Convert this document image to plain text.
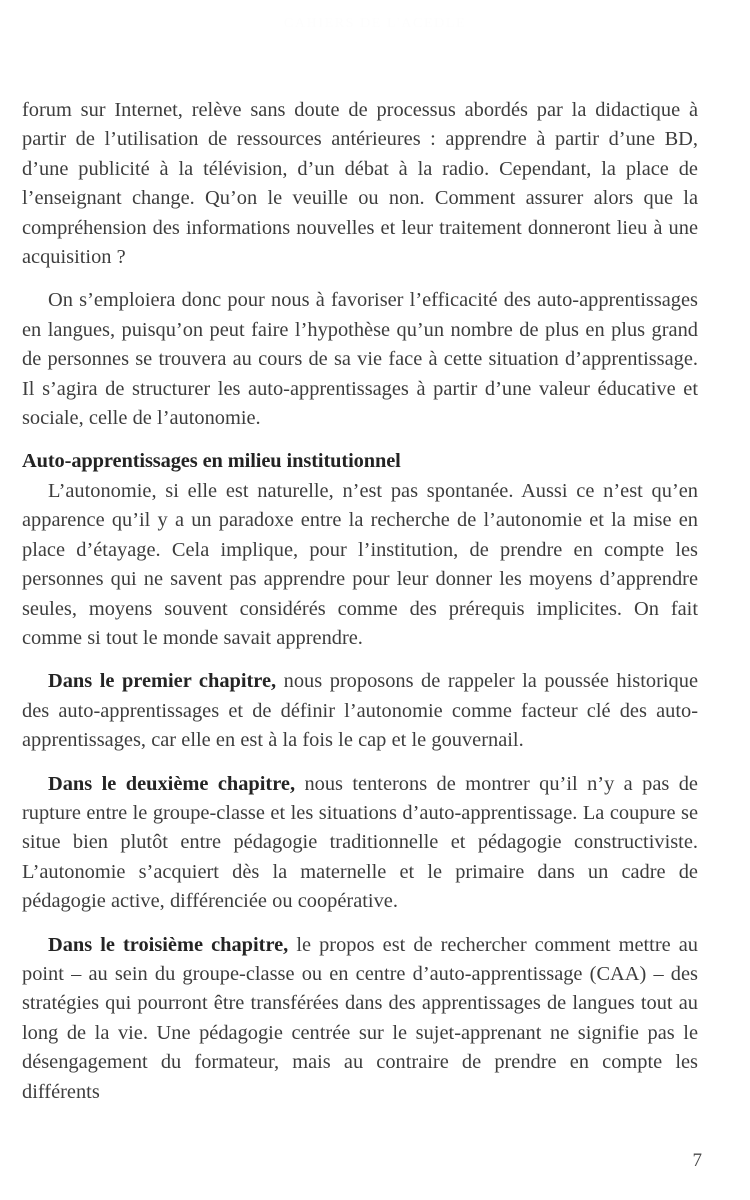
CAHIERS DE L'ACEDLE

forum sur Internet, relève sans doute de processus abordés par la didactique à partir de l’utilisation de ressources antérieures : apprendre à partir d’une BD, d’une publicité à la télévision, d’un débat à la radio. Cependant, la place de l’enseignant change. Qu’on le veuille ou non. Comment assurer alors que la compréhension des informations nouvelles et leur traitement donneront lieu à une acquisition ?

On s’emploiera donc pour nous à favoriser l’efficacité des auto-apprentissages en langues, puisqu’on peut faire l’hypothèse qu’un nombre de plus en plus grand de personnes se trouvera au cours de sa vie face à cette situation d’apprentissage. Il s’agira de structurer les auto-apprentissages à partir d’une valeur éducative et sociale, celle de l’autonomie.

Auto-apprentissages en milieu institutionnel

L’autonomie, si elle est naturelle, n’est pas spontanée. Aussi ce n’est qu’en apparence qu’il y a un paradoxe entre la recherche de l’autonomie et la mise en place d’étayage. Cela implique, pour l’institution, de prendre en compte les personnes qui ne savent pas apprendre pour leur donner les moyens d’apprendre seules, moyens souvent considérés comme des prérequis implicites. On fait comme si tout le monde savait apprendre.

Dans le premier chapitre, nous proposons de rappeler la poussée historique des auto-apprentissages et de définir l’autonomie comme facteur clé des auto-apprentissages, car elle en est à la fois le cap et le gouvernail.

Dans le deuxième chapitre, nous tenterons de montrer qu’il n’y a pas de rupture entre le groupe-classe et les situations d’auto-apprentissage. La coupure se situe bien plutôt entre pédagogie traditionnelle et pédagogie constructiviste. L’autonomie s’acquiert dès la maternelle et le primaire dans un cadre de pédagogie active, différenciée ou coopérative.

Dans le troisième chapitre, le propos est de rechercher comment mettre au point – au sein du groupe-classe ou en centre d’auto-apprentissage (CAA) – des stratégies qui pourront être transférées dans des apprentissages de langues tout au long de la vie. Une pédagogie centrée sur le sujet-apprenant ne signifie pas le désengagement du formateur, mais au contraire de prendre en compte les différents

7
